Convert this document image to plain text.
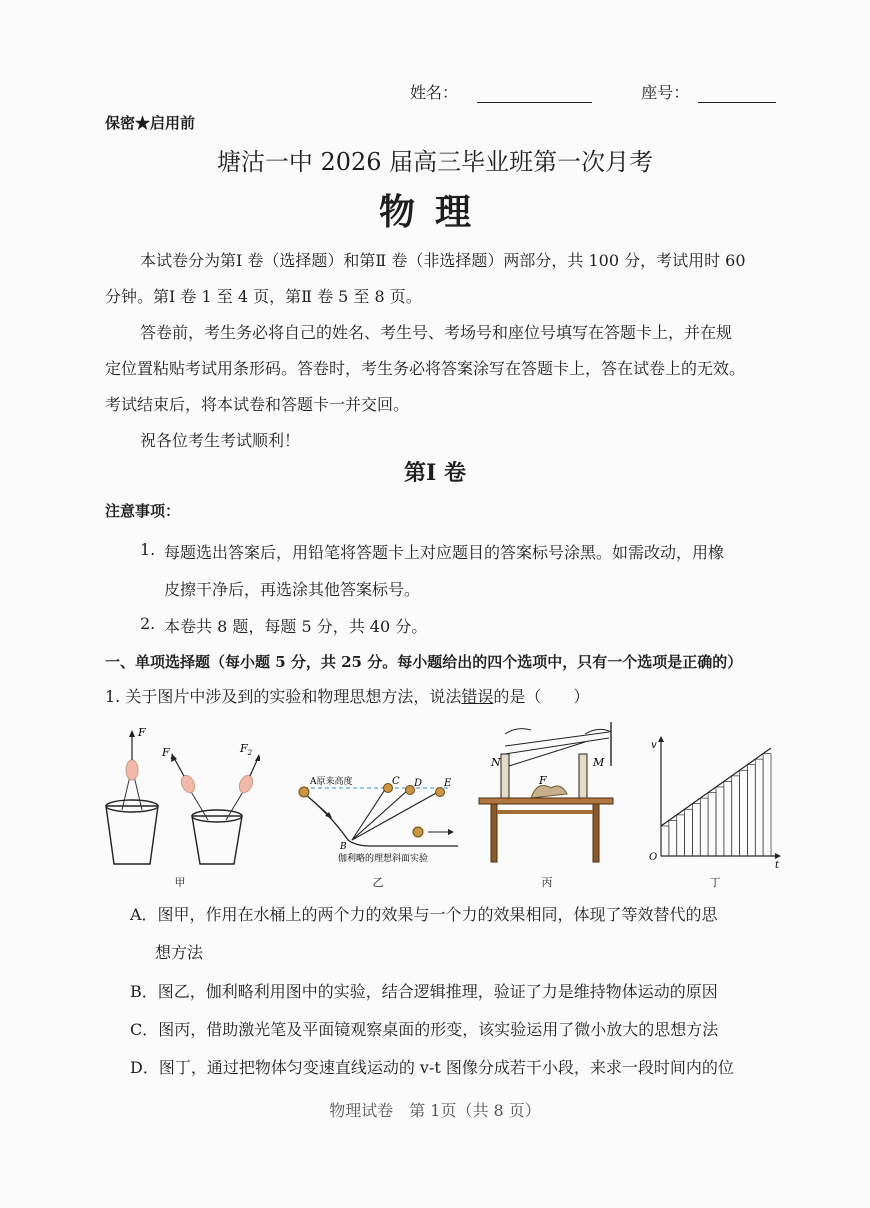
姓名：	座号：
保密★启用前
塘沽一中 2026 届高三毕业班第一次月考
物理
本试卷分为第Ⅰ 卷（选择题）和第Ⅱ 卷（非选择题）两部分，共 100 分，考试用时 60
分钟。第Ⅰ 卷 1 至 4 页，第Ⅱ 卷 5 至 8 页。
答卷前，考生务必将自己的姓名、考生号、考场号和座位号填写在答题卡上，并在规
定位置粘贴考试用条形码。答卷时，考生务必将答案涂写在答题卡上，答在试卷上的无效。
考试结束后，将本试卷和答题卡一并交回。
祝各位考生考试顺利！
第Ⅰ 卷
注意事项：
1. 每题选出答案后，用铅笔将答题卡上对应题目的答案标号涂黑。如需改动，用橡
皮擦干净后，再选涂其他答案标号。
2. 本卷共 8 题，每题 5 分，共 40 分。
一、单项选择题（每小题 5 分，共 25 分。每小题给出的四个选项中，只有一个选项是正确的）
1. 关于图片中涉及到的实验和物理思想方法，说法错误的是（　　）
F
$F_1$
$F_2$
A原来高度	C D E
B
伽利略的理想斜面实验
N	M
F
v
O
t
甲	乙	丙	丁
A．图甲，作用在水桶上的两个力的效果与一个力的效果相同，体现了等效替代的思
想方法
B．图乙，伽利略利用图中的实验，结合逻辑推理，验证了力是维持物体运动的原因
C．图丙，借助激光笔及平面镜观察桌面的形变，该实验运用了微小放大的思想方法
D．图丁，通过把物体匀变速直线运动的 v-t 图像分成若干小段，来求一段时间内的位
物理试卷　第 1页（共 8 页）
